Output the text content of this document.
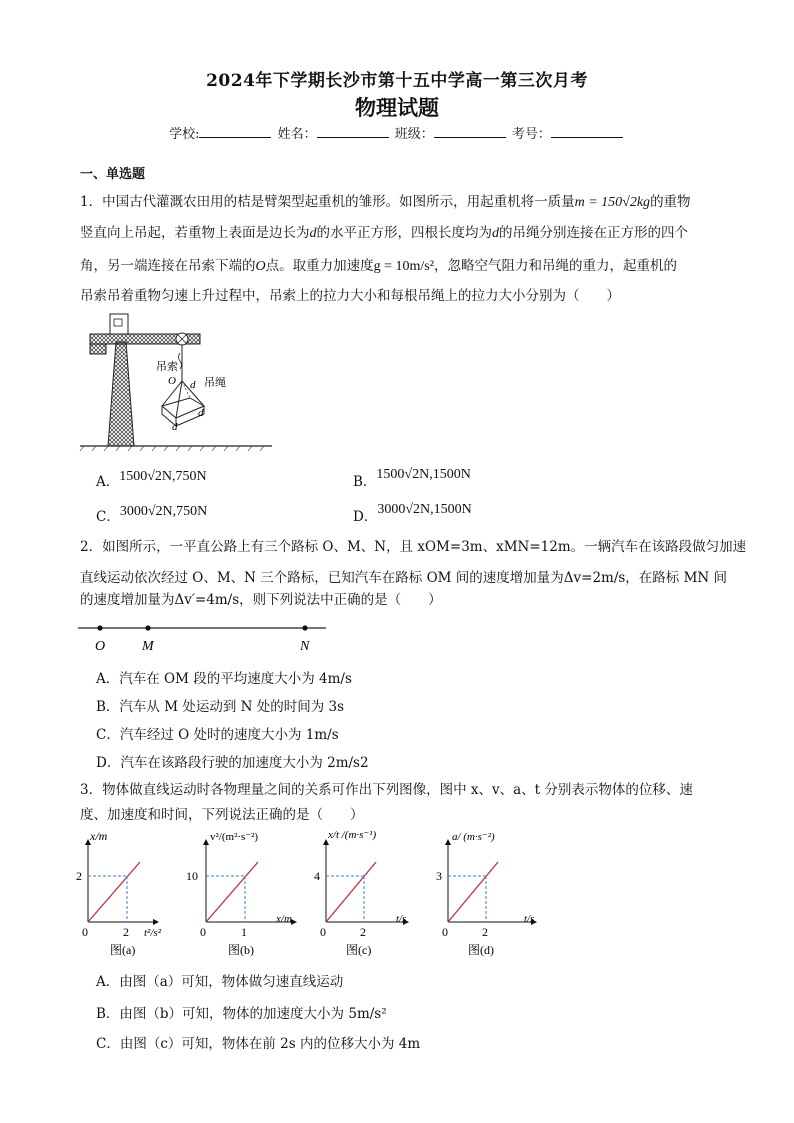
2024年下学期长沙市第十五中学高一第三次月考
物理试题
学校:	姓名：	班级：	考号：
一、单选题
1．中国古代灌溉农田用的桔是臂架型起重机的雏形。如图所示，用起重机将一质量m = 150√2kg的重物
竖直向上吊起，若重物上表面是边长为d的水平正方形，四根长度均为d的吊绳分别连接在正方形的四个
角，另一端连接在吊索下端的O点。取重力加速度g = 10m/s²，忽略空气阻力和吊绳的重力，起重机的
吊索吊着重物匀速上升过程中，吊索上的拉力大小和每根吊绳上的拉力大小分别为（　　）
吊索
O	吊绳
d
d
d
A．1500√2N,750N	B．1500√2N,1500N
C．3000√2N,750N	D．3000√2N,1500N
2．如图所示，一平直公路上有三个路标 O、M、N，且 xOM=3m、xMN=12m。一辆汽车在该路段做匀加速
直线运动依次经过 O、M、N 三个路标，已知汽车在路标 OM 间的速度增加量为Δv=2m/s，在路标 MN 间
的速度增加量为Δv′=4m/s，则下列说法中正确的是（　　）
O	M	N
A．汽车在 OM 段的平均速度大小为 4m/s
B．汽车从 M 处运动到 N 处的时间为 3s
C．汽车经过 O 处时的速度大小为 1m/s
D．汽车在该路段行驶的加速度大小为 2m/s2
3．物体做直线运动时各物理量之间的关系可作出下列图像，图中 x、v、a、t 分别表示物体的位移、速
度、加速度和时间，下列说法正确的是（　　）
x/m
2
2
0	t²/s²
图(a)
v²/(m²·s⁻²)
10
1
0
x/m
图(b)
x/t /(m·s⁻¹)
4
2
0
t/s
图(c)
a/ (m·s⁻²)
3
2
0
t/s
图(d)
A．由图（a）可知，物体做匀速直线运动
B．由图（b）可知，物体的加速度大小为 5m/s²
C．由图（c）可知，物体在前 2s 内的位移大小为 4m
